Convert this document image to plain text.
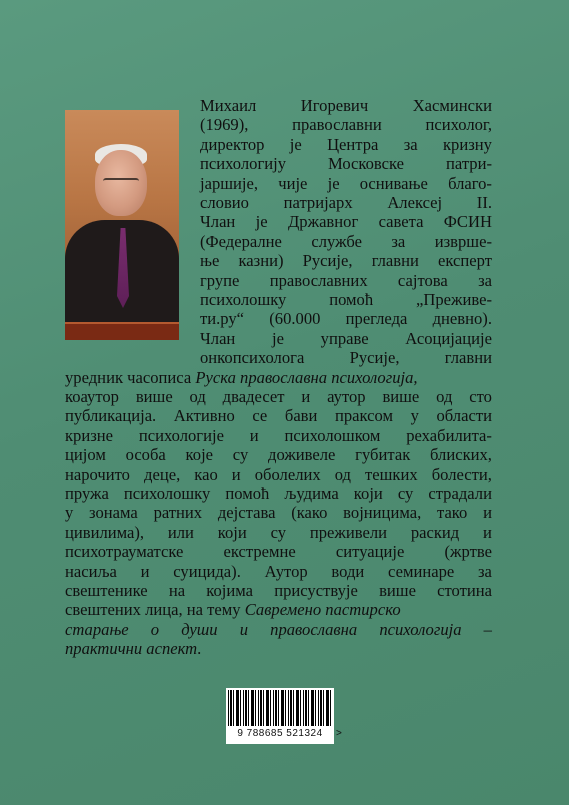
Михаил	Игоревич	Хасмински
(1969),	православни	психолог,
директор је Центра за кризну
психологију	Московске	патри-
јаршије, чије је оснивање благо-
словио патријарх Алексеј II.
Члан је Државног савета ФСИН
(Федералне службе за изврше-
ње казни) Русије, главни експерт
групе православних сајтова за
психолошку	помоћ	„Преживе-
ти.ру“ (60.000 прегледа дневно).
Члан је управе Асоцијације
онкопсихолога	Русије,	главни
уредник часописа
Руска православна психологија,
коаутор више од двадесет и аутор више од сто
публикација. Активно се бави праксом у области
кризне психологије и психолошком рехабилита-
цијом особа које су доживеле губитак блиских,
нарочито деце, као и оболелих од тешких болести,
пружа психолошку помоћ људима који су страдали
у зонама ратних дејстава (како војницима, тако и
цивилима), или који су преживели раскид и
психотрауматске екстремне ситуације (жртве
насиља и суицида). Аутор води семинаре за
свештенике на којима присуствује више стотина
свештених лица, на тему
Савремено пастирско
старање о души и православна психологија –
практични аспект .
9 788685 521324	>
